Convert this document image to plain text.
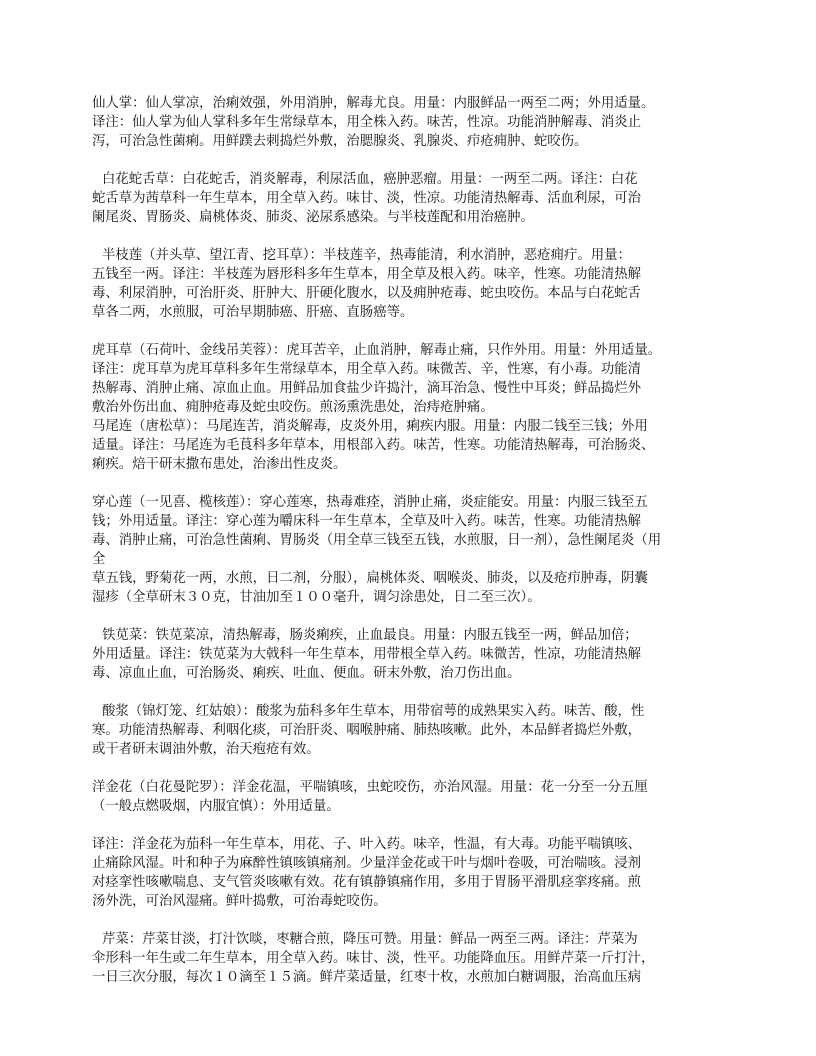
仙人掌：仙人掌凉，治痢效强，外用消肿，解毒尤良。用量：内服鲜品一两至二两；外用适量。
译注：仙人掌为仙人掌科多年生常绿草本，用全株入药。味苦，性凉。功能消肿解毒、消炎止
泻，可治急性菌痢。用鲜蹼去刺捣烂外敷，治腮腺炎、乳腺炎、疖疮痈肿、蛇咬伤。
白花蛇舌草：白花蛇舌，消炎解毒，利尿活血，癌肿恶瘤。用量：一两至二两。译注：白花
蛇舌草为茜草科一年生草本，用全草入药。味甘、淡，性凉。功能清热解毒、活血利尿，可治
阑尾炎、胃肠炎、扁桃体炎、肺炎、泌尿系感染。与半枝莲配和用治癌肿。
半枝莲（并头草、望江青、挖耳草）：半枝莲辛，热毒能清，利水消肿，恶疮痈疔。用量：
五钱至一两。译注：半枝莲为唇形科多年生草本，用全草及根入药。味辛，性寒。功能清热解
毒、利尿消肿，可治肝炎、肝肿大、肝硬化腹水，以及痈肿疮毒、蛇虫咬伤。本品与白花蛇舌
草各二两，水煎服，可治早期肺癌、肝癌、直肠癌等。
虎耳草（石荷叶、金线吊芙蓉）：虎耳苦辛，止血消肿，解毒止痛，只作外用。用量：外用适量。
译注：虎耳草为虎耳草科多年生常绿草本，用全草入药。味微苦、辛，性寒，有小毒。功能清
热解毒、消肿止痛、凉血止血。用鲜品加食盐少许捣汁，滴耳治急、慢性中耳炎；鲜品捣烂外
敷治外伤出血、痈肿疮毒及蛇虫咬伤。煎汤熏洗患处，治痔疮肿痛。
马尾连（唐松草）：马尾连苦，消炎解毒，皮炎外用，痢疾内服。用量：内服二钱至三钱；外用
适量。译注：马尾连为毛茛科多年草本，用根部入药。味苦，性寒。功能清热解毒，可治肠炎、
痢疾。焙干研末撒布患处，治渗出性皮炎。
穿心莲（一见喜、榄核莲）：穿心莲寒，热毒难痊，消肿止痛，炎症能安。用量：内服三钱至五
钱；外用适量。译注：穿心莲为嚼床科一年生草本，全草及叶入药。味苦，性寒。功能清热解
毒、消肿止痛，可治急性菌痢、胃肠炎（用全草三钱至五钱，水煎服，日一剂），急性阑尾炎（用
全
草五钱，野菊花一两，水煎，日二剂，分服），扁桃体炎、咽喉炎、肺炎，以及疮疖肿毒，阴囊
湿疹（全草研末３０克，甘油加至１００毫升，调匀涂患处，日二至三次）。
铁苋菜：铁苋菜凉，清热解毒，肠炎痢疾，止血最良。用量：内服五钱至一两，鲜品加倍；
外用适量。译注：铁苋菜为大戟科一年生草本，用带根全草入药。味微苦，性凉，功能清热解
毒、凉血止血，可治肠炎、痢疾、吐血、便血。研末外敷，治刀伤出血。
酸浆（锦灯笼、红姑娘）：酸浆为茄科多年生草本，用带宿萼的成熟果实入药。味苦、酸，性
寒。功能清热解毒、利咽化痰，可治肝炎、咽喉肿痛、肺热咳嗽。此外，本品鲜者捣烂外敷，
或干者研末调油外敷，治天疱疮有效。
洋金花（白花曼陀罗）：洋金花温，平喘镇咳，虫蛇咬伤，亦治风湿。用量：花一分至一分五厘
（一般点燃吸烟，内服宜慎）：外用适量。
译注：洋金花为茄科一年生草本，用花、子、叶入药。味辛，性温，有大毒。功能平喘镇咳、
止痛除风湿。叶和种子为麻醉性镇咳镇痛剂。少量洋金花或干叶与烟叶卷吸，可治喘咳。浸剂
对痉挛性咳嗽喘息、支气管炎咳嗽有效。花有镇静镇痛作用，多用于胃肠平滑肌痉挛疼痛。煎
汤外洗，可治风湿痛。鲜叶捣敷，可治毒蛇咬伤。
芹菜：芹菜甘淡，打汁饮啖，枣糖合煎，降压可赞。用量：鲜品一两至三两。译注：芹菜为
伞形科一年生或二年生草本，用全草入药。味甘、淡，性平。功能降血压。用鲜芹菜一斤打汁，
一日三次分服，每次１０滴至１５滴。鲜芹菜适量，红枣十枚，水煎加白糖调服，治高血压病
